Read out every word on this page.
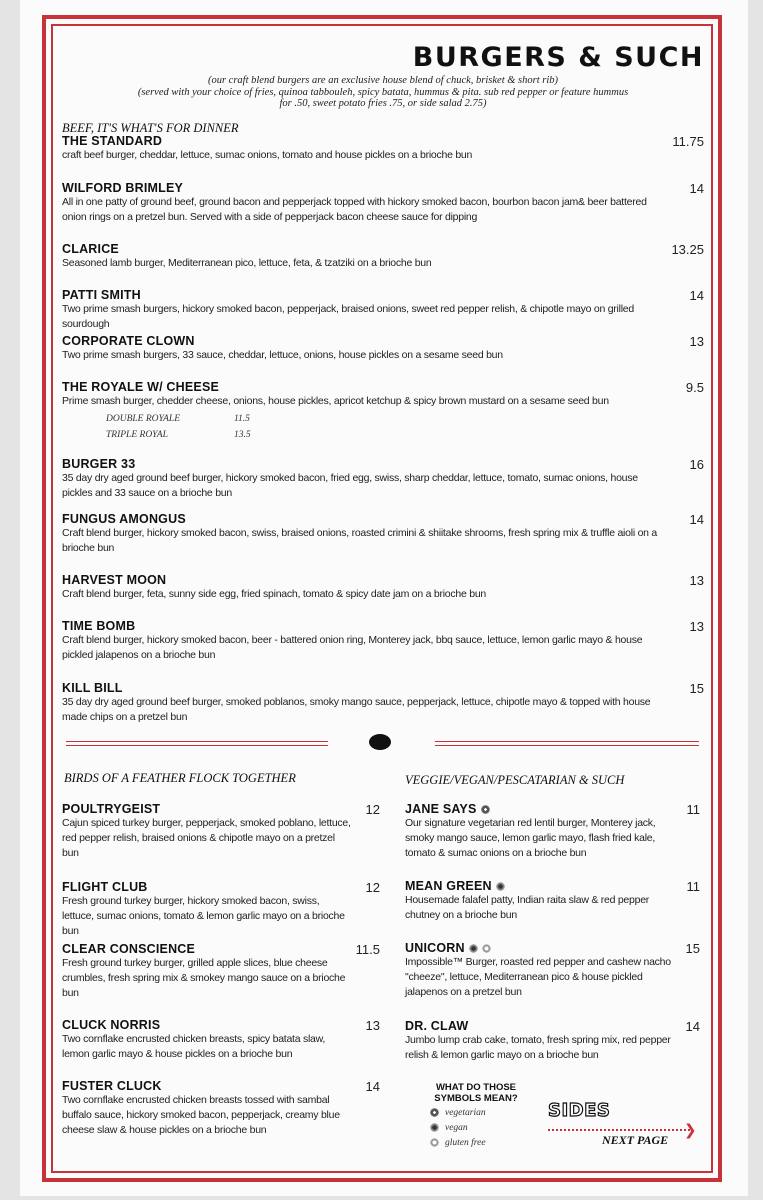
BURGERS & SUCH
(our craft blend burgers are an exclusive house blend of chuck, brisket & short rib)
(served with your choice of fries, quinoa tabbouleh, spicy batata, hummus & pita. sub red pepper or feature hummus
for .50, sweet potato fries .75, or side salad 2.75)
BEEF, IT'S WHAT'S FOR DINNER
THE STANDARD
craft beef burger, cheddar, lettuce, sumac onions, tomato and house pickles on a brioche bun
11.75
WILFORD BRIMLEY
All in one patty of ground beef, ground bacon and pepperjack topped with hickory smoked bacon, bourbon bacon jam& beer battered onion rings on a pretzel bun. Served with a side of pepperjack bacon cheese sauce for dipping
14
CLARICE
Seasoned lamb burger, Mediterranean pico, lettuce, feta, & tzatziki on a brioche bun
13.25
PATTI SMITH
Two prime smash burgers, hickory smoked bacon, pepperjack, braised onions, sweet red pepper relish, & chipotle mayo on grilled sourdough
14
CORPORATE CLOWN
Two prime smash burgers, 33 sauce, cheddar, lettuce, onions, house pickles on a sesame seed bun
13
THE ROYALE W/ CHEESE
Prime smash burger, chedder cheese, onions, house pickles, apricot ketchup & spicy brown mustard on a sesame seed bun
9.5
DOUBLE ROYALE	11.5
TRIPLE ROYAL	13.5
BURGER 33
35 day dry aged ground beef burger, hickory smoked bacon, fried egg, swiss, sharp cheddar, lettuce, tomato, sumac onions, house pickles and 33 sauce on a brioche bun
16
FUNGUS AMONGUS
Craft blend burger, hickory smoked bacon, swiss, braised onions, roasted crimini & shiitake shrooms, fresh spring mix & truffle aioli on a brioche bun
14
HARVEST MOON
Craft blend burger, feta, sunny side egg, fried spinach, tomato & spicy date jam on a brioche bun
13
TIME BOMB
Craft blend burger, hickory smoked bacon, beer - battered onion ring, Monterey jack, bbq sauce, lettuce, lemon garlic mayo & house pickled jalapenos on a brioche bun
13
KILL BILL
35 day dry aged ground beef burger, smoked poblanos, smoky mango sauce, pepperjack, lettuce, chipotle mayo & topped with house made chips on a pretzel bun
15
BIRDS OF A FEATHER FLOCK TOGETHER
POULTRYGEIST
Cajun spiced turkey burger, pepperjack, smoked poblano, lettuce, red pepper relish, braised onions & chipotle mayo on a pretzel bun
12
FLIGHT CLUB
Fresh ground turkey burger, hickory smoked bacon, swiss, lettuce, sumac onions, tomato & lemon garlic mayo on a brioche bun
12
CLEAR CONSCIENCE
Fresh ground turkey burger, grilled apple slices, blue cheese crumbles, fresh spring mix & smokey mango sauce on a brioche bun
11.5
CLUCK NORRIS
Two cornflake encrusted chicken breasts, spicy batata slaw, lemon garlic mayo & house pickles on a brioche bun
13
FUSTER CLUCK
Two cornflake encrusted chicken breasts tossed with sambal buffalo sauce, hickory smoked bacon, pepperjack, creamy blue cheese slaw & house pickles on a brioche bun
14
VEGGIE/VEGAN/PESCATARIAN & SUCH
JANE SAYS
Our signature vegetarian red lentil burger, Monterey jack, smoky mango sauce, lemon garlic mayo, flash fried kale, tomato & sumac onions on a brioche bun
11
MEAN GREEN
Housemade falafel patty, Indian raita slaw & red pepper chutney on a brioche bun
11
UNICORN
Impossible™ Burger, roasted red pepper and cashew nacho "cheeze", lettuce, Mediterranean pico & house pickled jalapenos on a pretzel bun
15
DR. CLAW
Jumbo lump crab cake, tomato, fresh spring mix, red pepper relish & lemon garlic mayo on a brioche bun
14
WHAT DO THOSE
SYMBOLS MEAN?
vegetarian
vegan
gluten free
SIDES
❯
NEXT PAGE
